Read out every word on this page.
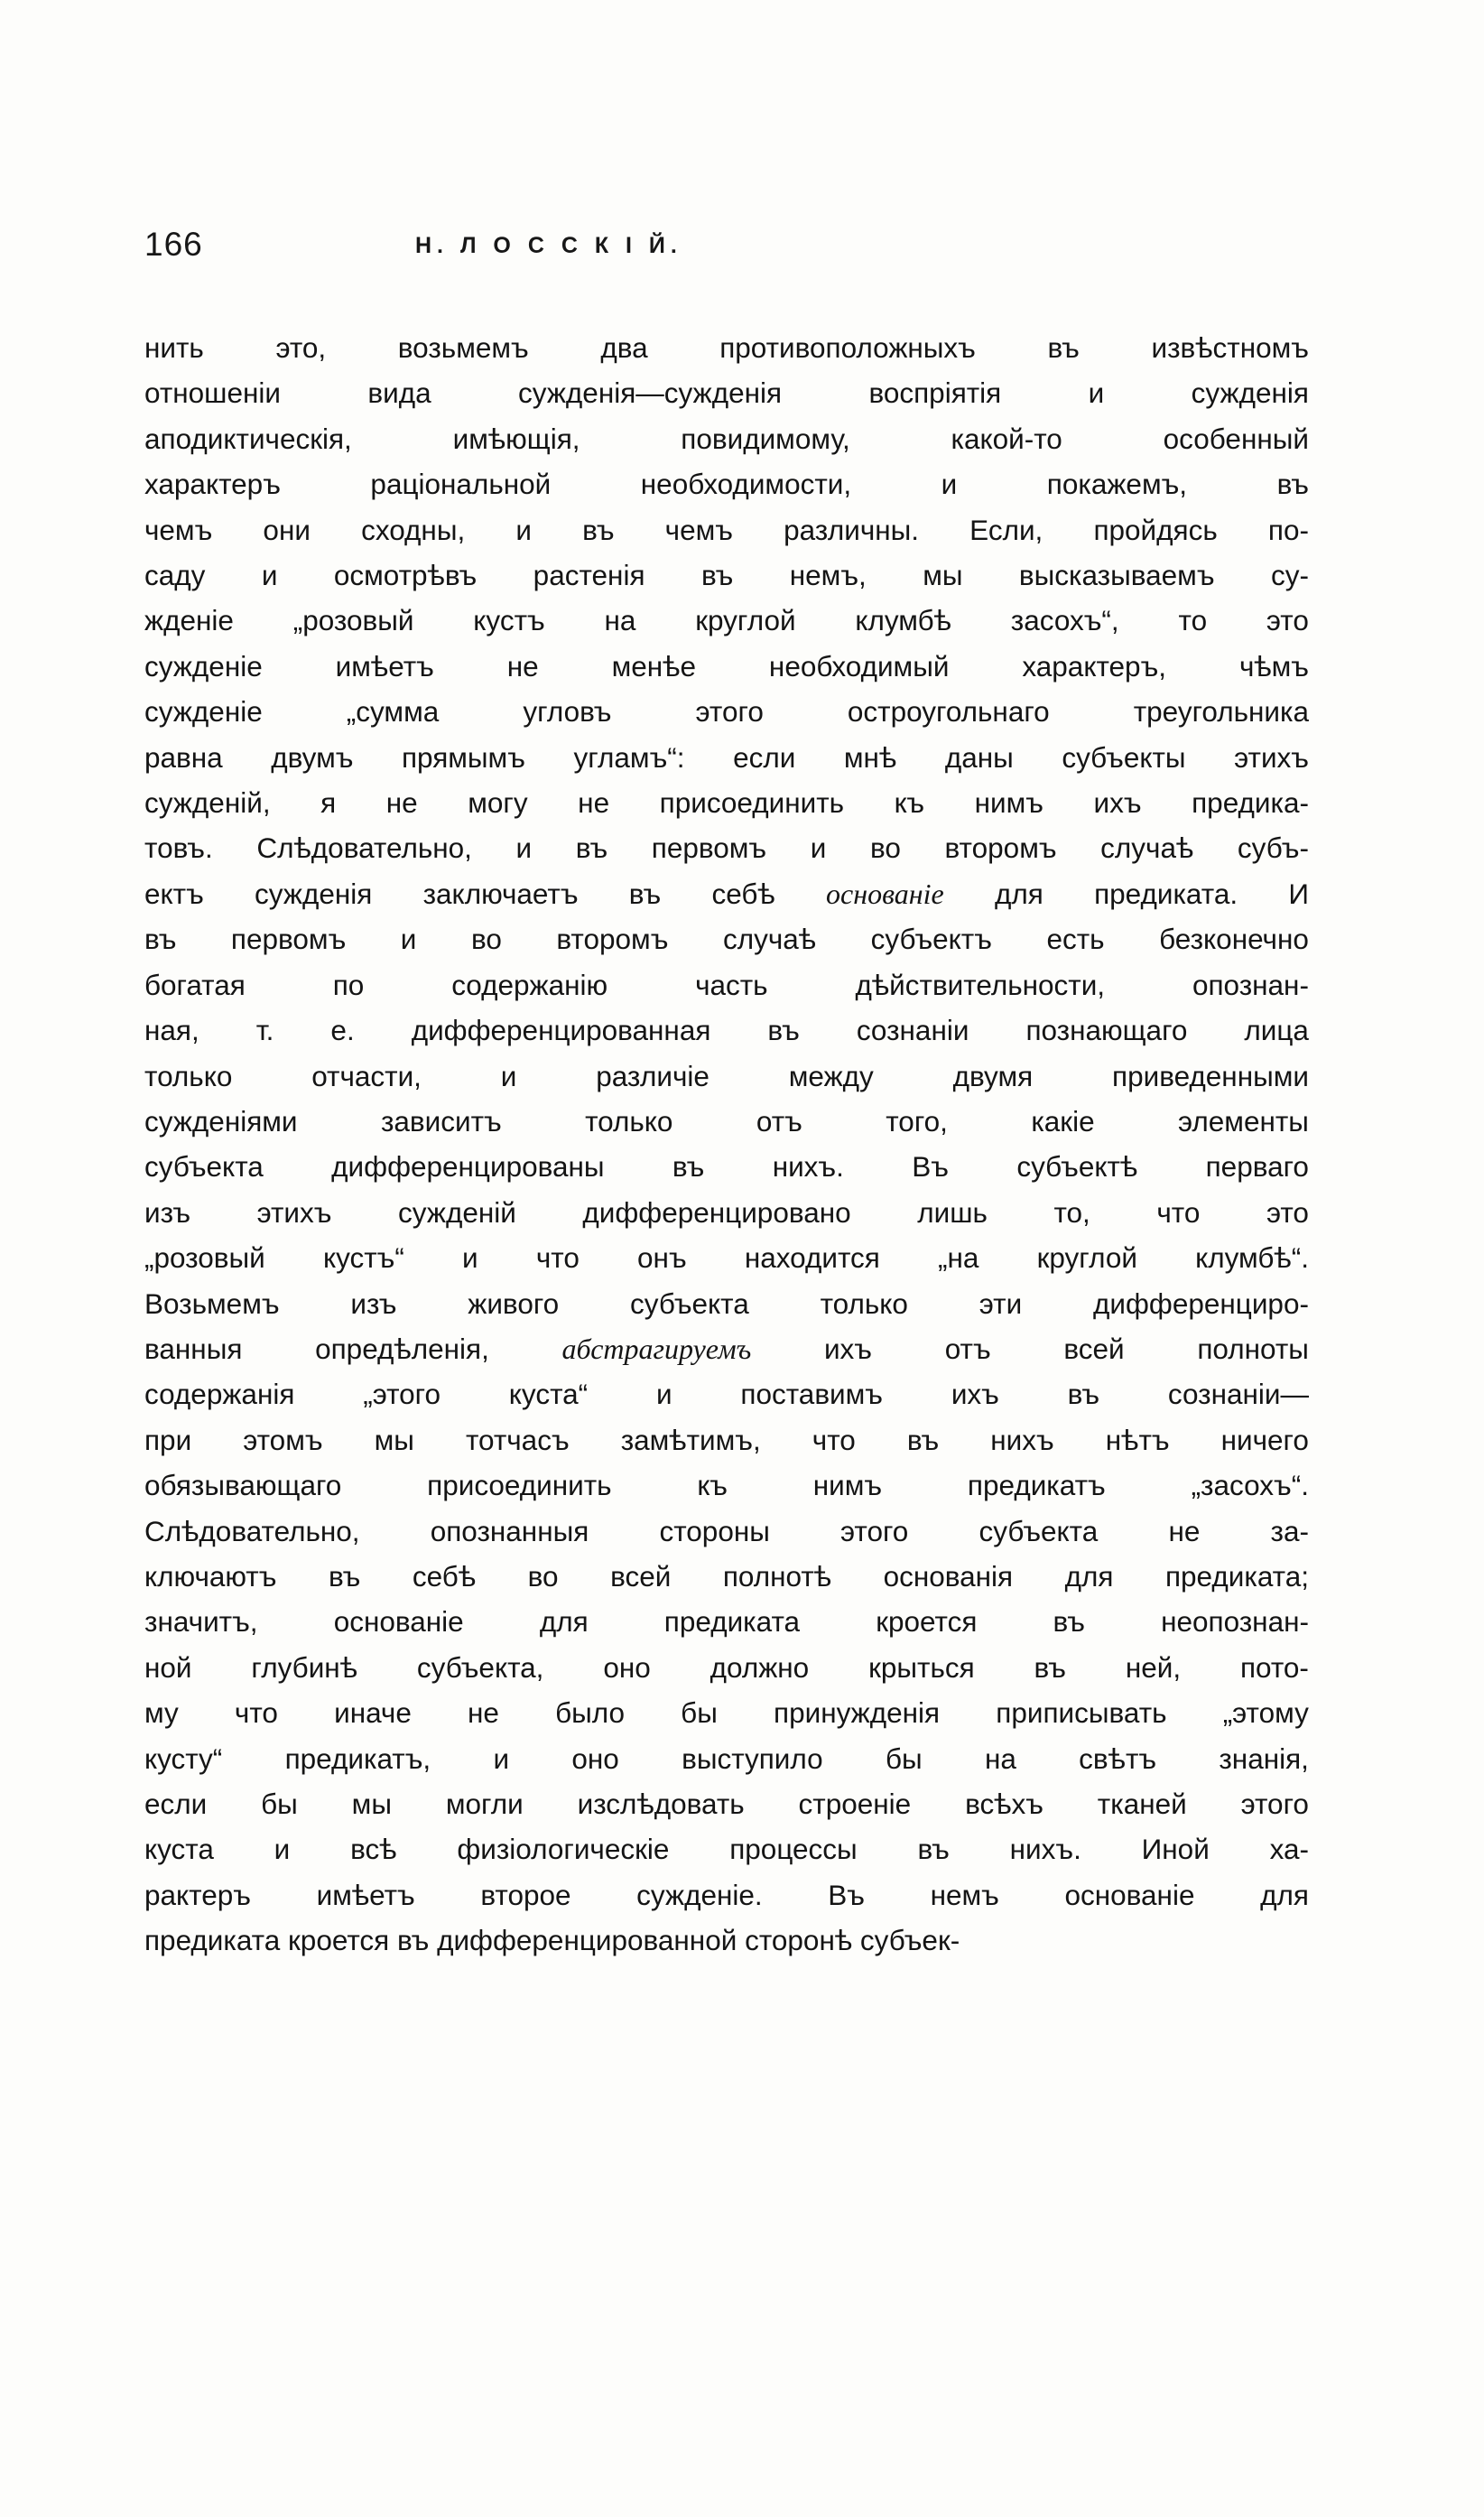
166	Н. Л О С С К І Й.
нить	это,	возьмемъ	два	противоположныхъ	въ	извѣстномъ
отношеніи	вида	сужденія—сужденія	воспріятія	и	сужденія
аподиктическія,	имѣющія,	повидимому,	какой-то	особенный
характеръ	раціональной	необходимости,	и	покажемъ,	въ
чемъ они сходны, и въ чемъ различны. Если, пройдясь по-
саду и осмотрѣвъ растенія въ немъ, мы высказываемъ су-
жденіе „розовый кустъ на круглой клумбѣ засохъ“, то это
сужденіе	имѣетъ	не	менѣе	необходимый	характеръ,	чѣмъ
сужденіе	„сумма	угловъ	этого	остроугольнаго	треугольника
равна двумъ прямымъ угламъ“: если мнѣ даны субъекты этихъ
сужденій, я не могу не присоединить къ нимъ ихъ предика-
товъ. Слѣдовательно, и въ первомъ и во второмъ случаѣ субъ-
ектъ сужденія заключаетъ въ себѣ основаніе для предиката. И
въ первомъ и во второмъ случаѣ субъектъ есть безконечно
богатая	по	содержанію	часть	дѣйствительности,	опознан-
ная, т. е. дифференцированная въ сознаніи познающаго лица
только	отчасти,	и	различіе	между	двумя	приведенными
сужденіями	зависитъ	только	отъ	того,	какіе	элементы
субъекта дифференцированы въ нихъ. Въ субъектѣ перваго
изъ этихъ сужденій дифференцировано лишь то, что это
„розовый кустъ“ и что онъ находится „на круглой клумбѣ“.
Возьмемъ	изъ	живого	субъекта	только	эти	дифференциро-
ванныя	опредѣленія,	абстрагируемъ	ихъ	отъ	всей	полноты
содержанія „этого куста“ и поставимъ ихъ въ сознаніи—
при этомъ мы тотчасъ замѣтимъ, что въ нихъ нѣтъ ничего
обязывающаго	присоединить	къ	нимъ	предикатъ	„засохъ“.
Слѣдовательно, опознанныя стороны этого субъекта не за-
ключаютъ въ себѣ во всей полнотѣ основанія для предиката;
значитъ,	основаніе	для	предиката	кроется	въ	неопознан-
ной глубинѣ субъекта, оно должно крыться въ ней, пото-
му что иначе не было бы принужденія приписывать „этому
кусту“ предикатъ, и оно выступило бы на свѣтъ знанія,
если бы мы могли изслѣдовать строеніе всѣхъ тканей этого
куста и всѣ физіологическіе процессы въ нихъ. Иной ха-
рактеръ имѣетъ второе сужденіе. Въ немъ основаніе для
предиката кроется въ дифференцированной сторонѣ субъек-
